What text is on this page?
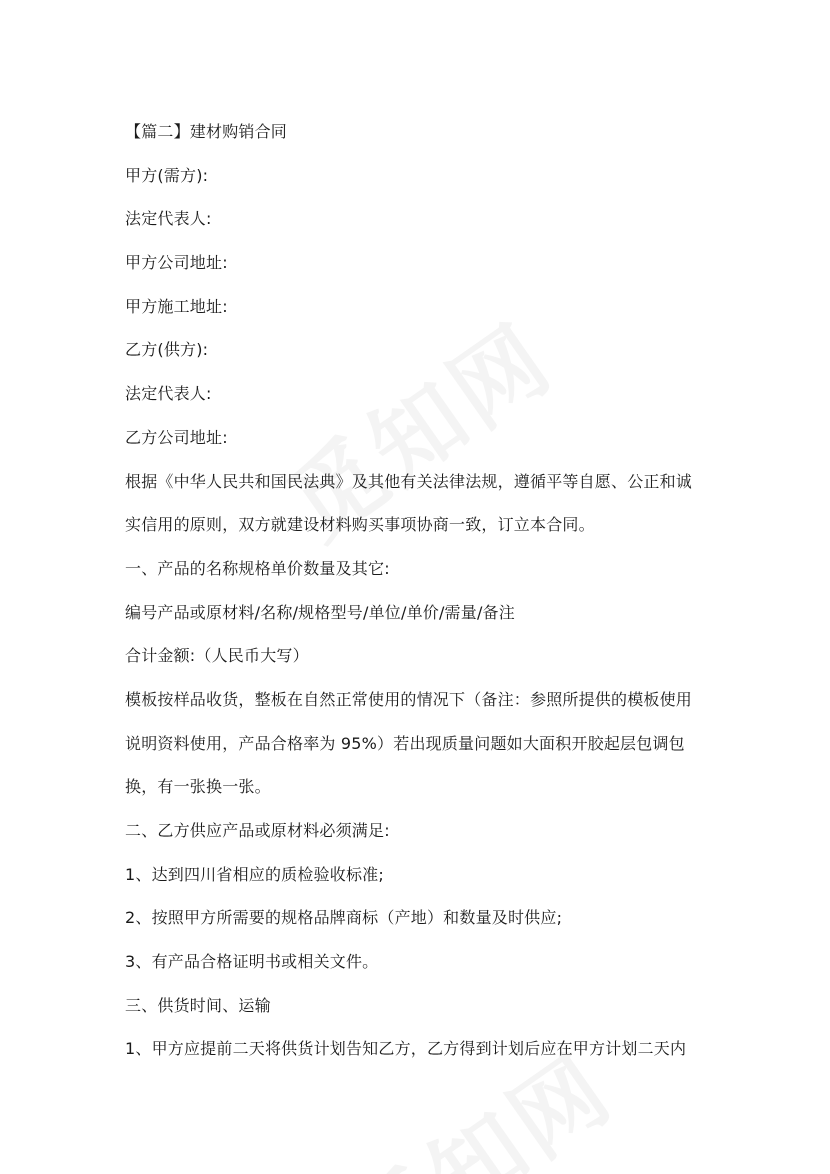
【篇二】建材购销合同
甲方(需方):
法定代表人:
甲方公司地址:
甲方施工地址:
乙方(供方):
法定代表人:
乙方公司地址:
根据《中华人民共和国民法典》及其他有关法律法规，遵循平等自愿、公正和诚
实信用的原则，双方就建设材料购买事项协商一致，订立本合同。
一、产品的名称规格单价数量及其它:
编号产品或原材料/名称/规格型号/单位/单价/需量/备注
合计金额:（人民币大写）
模板按样品收货，整板在自然正常使用的情况下（备注：参照所提供的模板使用
说明资料使用，产品合格率为 95%）若出现质量问题如大面积开胶起层包调包
换，有一张换一张。
二、乙方供应产品或原材料必须满足:
1、达到四川省相应的质检验收标准;
2、按照甲方所需要的规格品牌商标（产地）和数量及时供应;
3、有产品合格证明书或相关文件。
三、供货时间、运输
1、甲方应提前二天将供货计划告知乙方，乙方得到计划后应在甲方计划二天内
